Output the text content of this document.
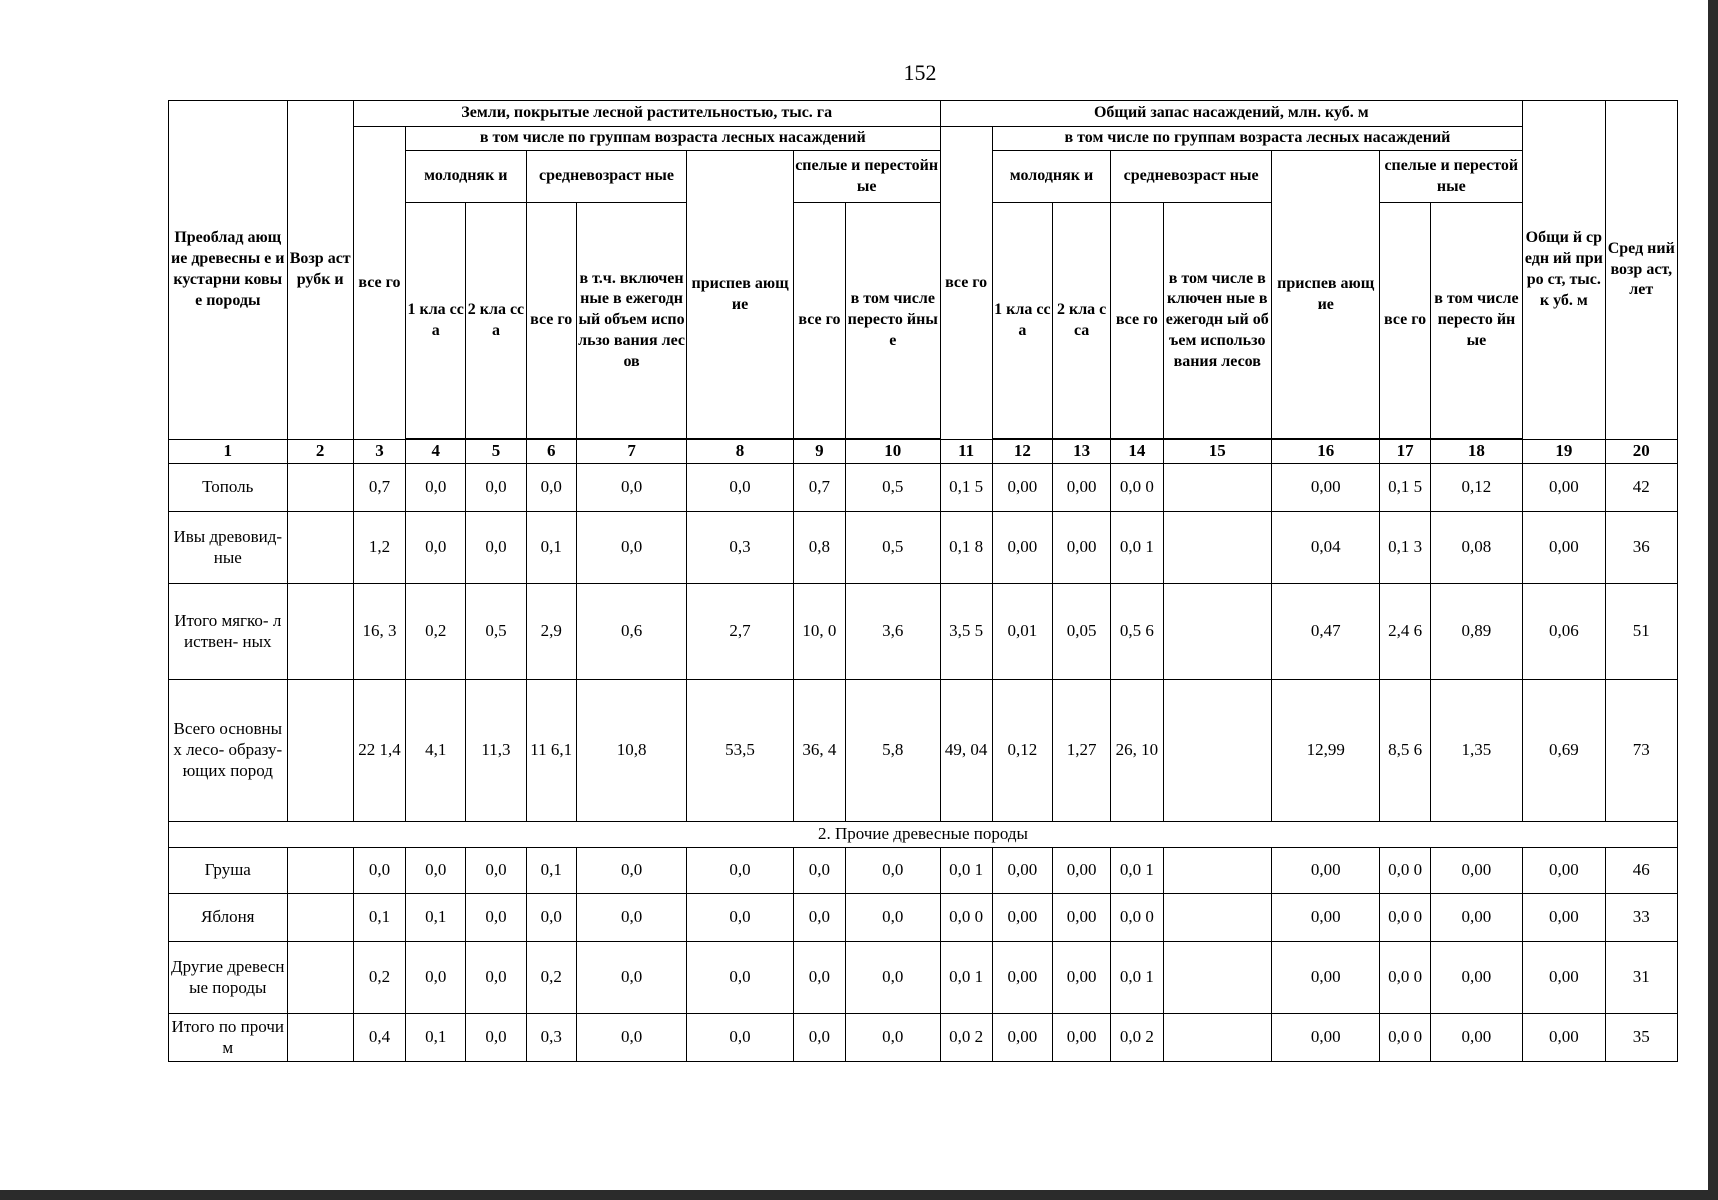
152
Преоблад ающие древесны е и кустарни ковые породы	Возр аст рубк и	Земли, покрытые лесной растительностью, тыс. га								Общий запас насаждений, млн. куб. м								Общи й средн ий приро ст, тыс. к уб. м	Сред ний возр аст, лет
		все го	в том числе по группам возраста лесных насаждений							все го	в том числе по группам возраста лесных насаждений								
			молодняк и		средневозраст ные		приспев ающие	спелые и перестойные			молодняк и		средневозраст ные		приспев ающие	спелые и перестойные			
			1 кла сса	2 кла сса	все го	в т.ч. включен ные в ежегодн ый объем использо вания лесов		все го	в том числе пересто йные		1 кла сса	2 кла сса	все го	в том числе включен ные в ежегодн ый объем использо вания лесов		все го	в том числе пересто йные		

1	2	3	4	5	6	7	8	9	10	11	12	13	14	15	16	17	18	19	20
Тополь		0,7	0,0	0,0	0,0	0,0	0,0	0,7	0,5	0,1 5	0,00	0,00	0,0 0		0,00	0,1 5	0,12	0,00	42
Ивы древовид- ные		1,2	0,0	0,0	0,1	0,0	0,3	0,8	0,5	0,1 8	0,00	0,00	0,0 1		0,04	0,1 3	0,08	0,00	36
Итого мягко- листвен- ных		16, 3	0,2	0,5	2,9	0,6	2,7	10, 0	3,6	3,5 5	0,01	0,05	0,5 6		0,47	2,4 6	0,89	0,06	51
Всего основных лесо- образу- ющих пород		22 1,4	4,1	11,3	11 6,1	10,8	53,5	36, 4	5,8	49, 04	0,12	1,27	26, 10		12,99	8,5 6	1,35	0,69	73
2. Прочие древесные породы																			
Груша		0,0	0,0	0,0	0,1	0,0	0,0	0,0	0,0	0,0 1	0,00	0,00	0,0 1		0,00	0,0 0	0,00	0,00	46
Яблоня		0,1	0,1	0,0	0,0	0,0	0,0	0,0	0,0	0,0 0	0,00	0,00	0,0 0		0,00	0,0 0	0,00	0,00	33
Другие древесные породы		0,2	0,0	0,0	0,2	0,0	0,0	0,0	0,0	0,0 1	0,00	0,00	0,0 1		0,00	0,0 0	0,00	0,00	31
Итого по прочим		0,4	0,1	0,0	0,3	0,0	0,0	0,0	0,0	0,0 2	0,00	0,00	0,0 2		0,00	0,0 0	0,00	0,00	35
